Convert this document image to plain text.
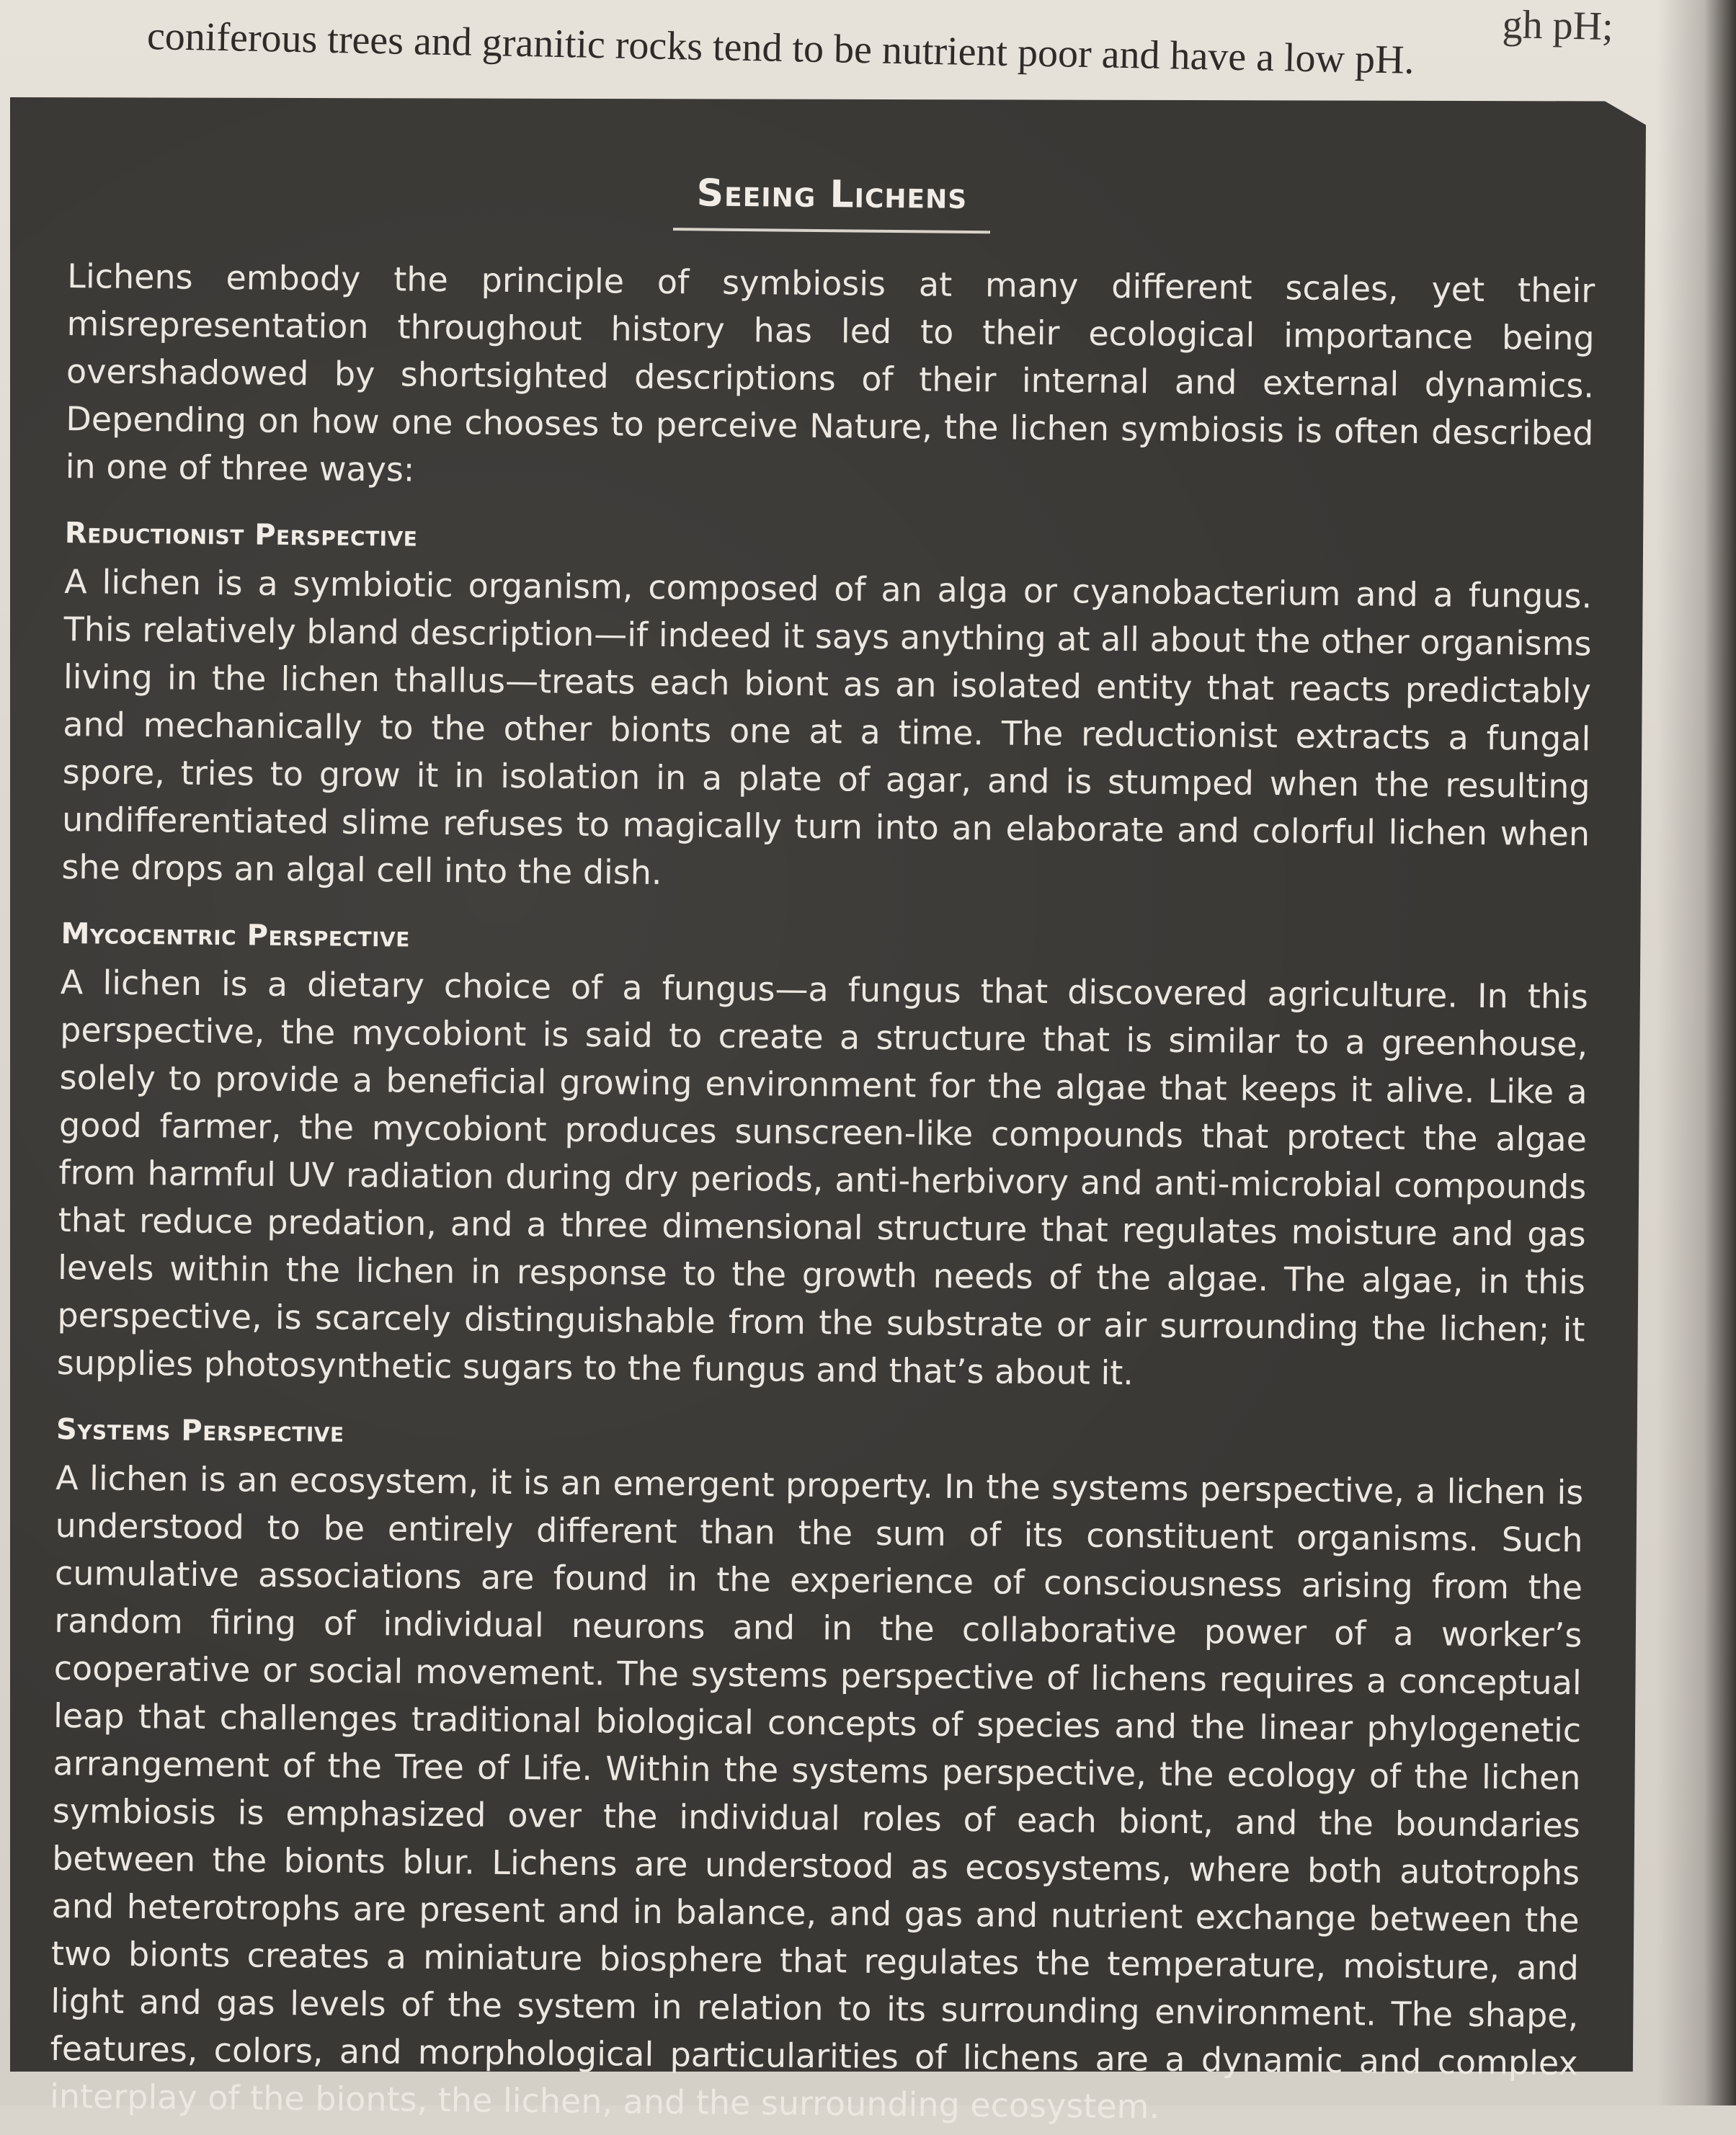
gh pH;
coniferous trees and granitic rocks tend to be nutrient poor and have a low pH.
Seeing Lichens

Lichens embody the principle of symbiosis at many different scales, yet their misrepresentation throughout history has led to their ecological importance being overshadowed by shortsighted descriptions of their internal and external dynamics. Depending on how one chooses to perceive Nature, the lichen symbiosis is often described in one of three ways:

Reductionist Perspective

A lichen is a symbiotic organism, composed of an alga or cyanobacterium and a fungus. This relatively bland description—if indeed it says anything at all about the other organisms living in the lichen thallus—treats each biont as an isolated entity that reacts predictably and mechanically to the other bionts one at a time. The reductionist extracts a fungal spore, tries to grow it in isolation in a plate of agar, and is stumped when the resulting undifferentiated slime refuses to magically turn into an elaborate and colorful lichen when she drops an algal cell into the dish.

Mycocentric Perspective

A lichen is a dietary choice of a fungus—a fungus that discovered agriculture. In this perspective, the mycobiont is said to create a structure that is similar to a greenhouse, solely to provide a beneficial growing environment for the algae that keeps it alive. Like a good farmer, the mycobiont produces sunscreen-like compounds that protect the algae from harmful UV radiation during dry periods, anti-herbivory and anti-microbial compounds that reduce predation, and a three dimensional structure that regulates moisture and gas levels within the lichen in response to the growth needs of the algae. The algae, in this perspective, is scarcely distinguishable from the substrate or air surrounding the lichen; it supplies photosynthetic sugars to the fungus and that’s about it.

Systems Perspective

A lichen is an ecosystem, it is an emergent property. In the systems perspective, a lichen is understood to be entirely different than the sum of its constituent organisms. Such cumulative associations are found in the experience of consciousness arising from the random firing of individual neurons and in the collaborative power of a worker’s cooperative or social movement. The systems perspective of lichens requires a conceptual leap that challenges traditional biological concepts of species and the linear phylogenetic arrangement of the Tree of Life. Within the systems perspective, the ecology of the lichen symbiosis is emphasized over the individual roles of each biont, and the boundaries between the bionts blur. Lichens are understood as ecosystems, where both autotrophs and heterotrophs are present and in balance, and gas and nutrient exchange between the two bionts creates a miniature biosphere that regulates the temperature, moisture, and light and gas levels of the system in relation to its surrounding environment. The shape, features, colors, and morphological particularities of lichens are a dynamic and complex interplay of the bionts, the lichen, and the surrounding ecosystem.
